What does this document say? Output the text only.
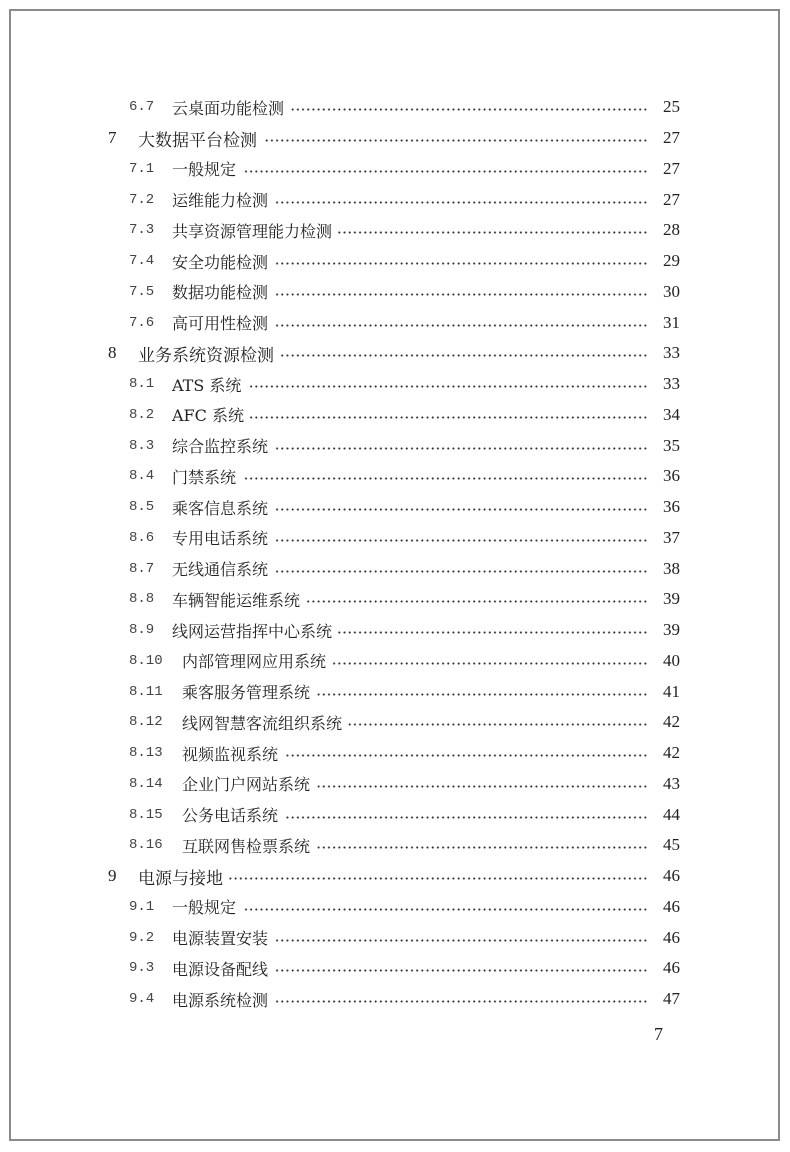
6.7 云桌面功能检测	25
7 大数据平台检测	27
7.1 一般规定	27
7.2 运维能力检测	27
7.3 共享资源管理能力检测	28
7.4 安全功能检测	29
7.5 数据功能检测	30
7.6 高可用性检测	31
8 业务系统资源检测	33
8.1 ATS 系统	33
8.2 AFC 系统	34
8.3 综合监控系统	35
8.4 门禁系统	36
8.5 乘客信息系统	36
8.6 专用电话系统	37
8.7 无线通信系统	38
8.8 车辆智能运维系统	39
8.9 线网运营指挥中心系统	39
8.10 内部管理网应用系统	40
8.11 乘客服务管理系统	41
8.12 线网智慧客流组织系统	42
8.13 视频监视系统	42
8.14 企业门户网站系统	43
8.15 公务电话系统	44
8.16 互联网售检票系统	45
9 电源与接地	46
9.1 一般规定	46
9.2 电源装置安装	46
9.3 电源设备配线	46
9.4 电源系统检测	47
7
